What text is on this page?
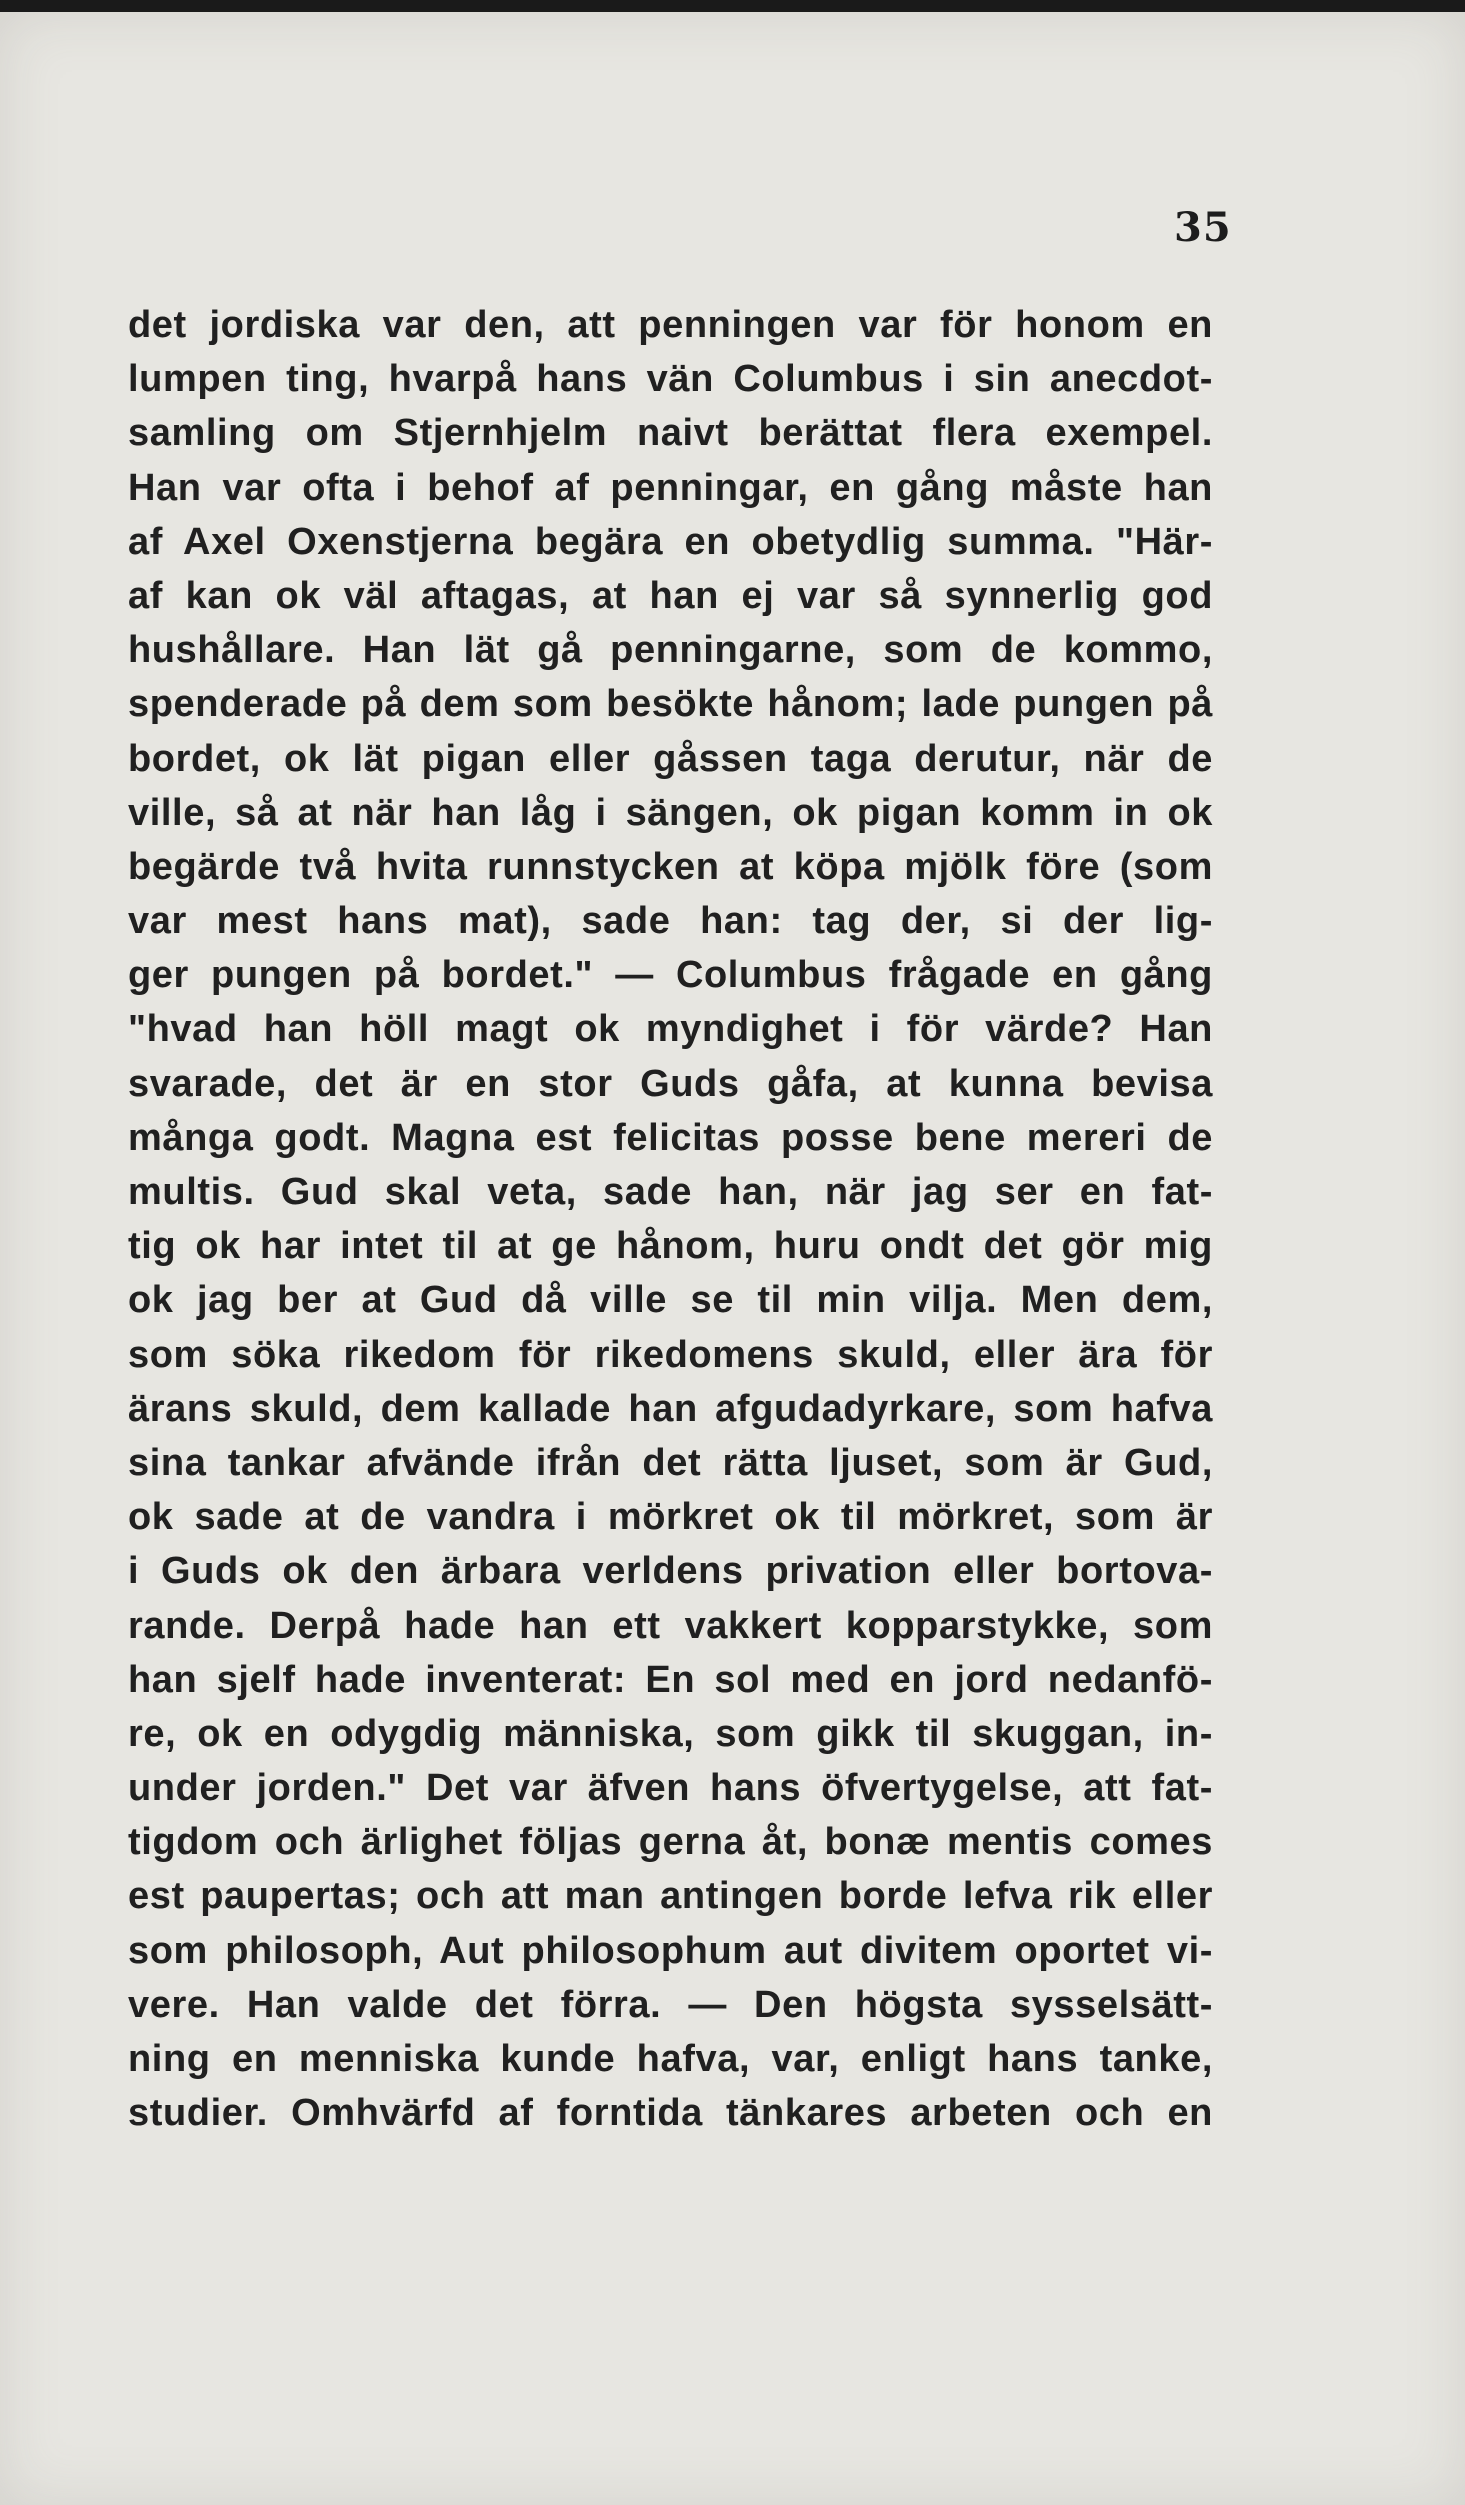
35
det jordiska var den, att penningen var för honom en
lumpen ting, hvarpå hans vän Columbus i sin anecdot-
samling om Stjernhjelm naivt berättat flera exempel.
Han var ofta i behof af penningar, en gång måste han
af Axel Oxenstjerna begära en obetydlig summa. "Här-
af kan ok väl aftagas, at han ej var så synnerlig god
hushållare. Han lät gå penningarne, som de kommo,
spenderade på dem som besökte hånom; lade pungen på
bordet, ok lät pigan eller gåssen taga derutur, när de
ville, så at när han låg i sängen, ok pigan komm in ok
begärde två hvita runnstycken at köpa mjölk före (som
var mest hans mat), sade han: tag der, si der lig-
ger pungen på bordet." — Columbus frågade en gång
"hvad han höll magt ok myndighet i för värde? Han
svarade, det är en stor Guds gåfa, at kunna bevisa
många godt. Magna est felicitas posse bene mereri de
multis. Gud skal veta, sade han, när jag ser en fat-
tig ok har intet til at ge hånom, huru ondt det gör mig
ok jag ber at Gud då ville se til min vilja. Men dem,
som söka rikedom för rikedomens skuld, eller ära för
ärans skuld, dem kallade han afgudadyrkare, som hafva
sina tankar afvände ifrån det rätta ljuset, som är Gud,
ok sade at de vandra i mörkret ok til mörkret, som är
i Guds ok den ärbara verldens privation eller bortova-
rande. Derpå hade han ett vakkert kopparstykke, som
han sjelf hade inventerat: En sol med en jord nedanfö-
re, ok en odygdig människa, som gikk til skuggan, in-
under jorden." Det var äfven hans öfvertygelse, att fat-
tigdom och ärlighet följas gerna åt, bonæ mentis comes
est paupertas; och att man antingen borde lefva rik eller
som philosoph, Aut philosophum aut divitem oportet vi-
vere. Han valde det förra. — Den högsta sysselsätt-
ning en menniska kunde hafva, var, enligt hans tanke,
studier. Omhvärfd af forntida tänkares arbeten och en
